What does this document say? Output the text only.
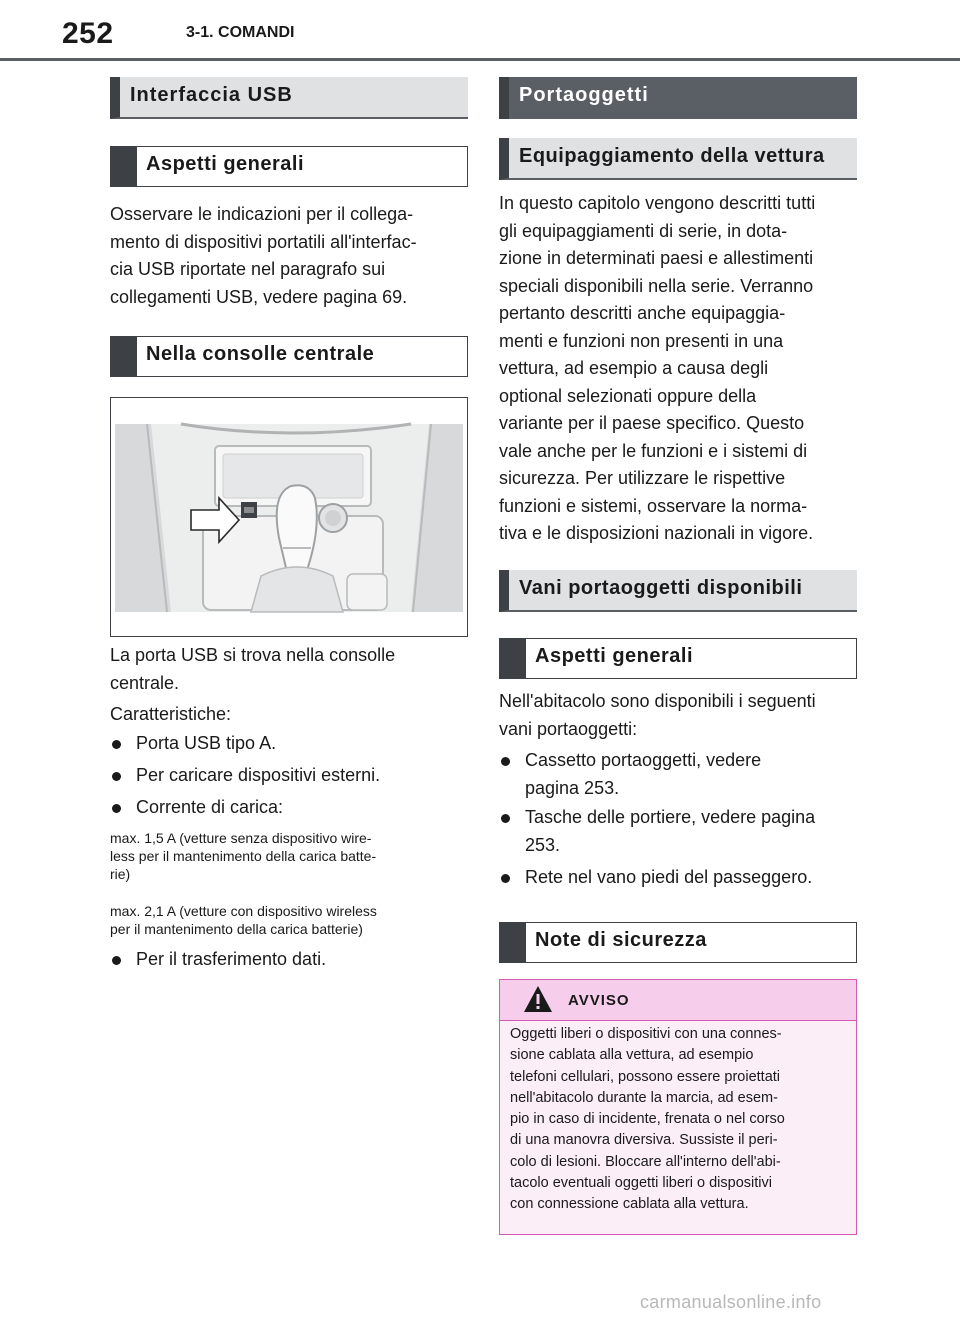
252	3-1. COMANDI
Interfaccia USB
Aspetti generali

Osservare le indicazioni per il collega-
mento di dispositivi portatili all'interfac-
cia USB riportate nel paragrafo sui
collegamenti USB, vedere pagina 69.

Nella consolle centrale

La porta USB si trova nella consolle
centrale.

Caratteristiche:

Porta USB tipo A.

Per caricare dispositivi esterni.

Corrente di carica:

max. 1,5 A (vetture senza dispositivo wire-
less per il mantenimento della carica batte-
rie)

max. 2,1 A (vetture con dispositivo wireless
per il mantenimento della carica batterie)

Per il trasferimento dati.

Portaoggetti
Equipaggiamento della vettura

In questo capitolo vengono descritti tutti
gli equipaggiamenti di serie, in dota-
zione in determinati paesi e allestimenti
speciali disponibili nella serie. Verranno
pertanto descritti anche equipaggia-
menti e funzioni non presenti in una
vettura, ad esempio a causa degli
optional selezionati oppure della
variante per il paese specifico. Questo
vale anche per le funzioni e i sistemi di
sicurezza. Per utilizzare le rispettive
funzioni e sistemi, osservare la norma-
tiva e le disposizioni nazionali in vigore.

Vani portaoggetti disponibili
Aspetti generali

Nell'abitacolo sono disponibili i seguenti
vani portaoggetti:

Cassetto portaoggetti, vedere
pagina 253.

Tasche delle portiere, vedere pagina
253.

Rete nel vano piedi del passeggero.

Note di sicurezza
AVVISO

Oggetti liberi o dispositivi con una connes-
sione cablata alla vettura, ad esempio
telefoni cellulari, possono essere proiettati
nell'abitacolo durante la marcia, ad esem-
pio in caso di incidente, frenata o nel corso
di una manovra diversiva. Sussiste il peri-
colo di lesioni. Bloccare all'interno dell'abi-
tacolo eventuali oggetti liberi o dispositivi
con connessione cablata alla vettura.

carmanualsonline.info
